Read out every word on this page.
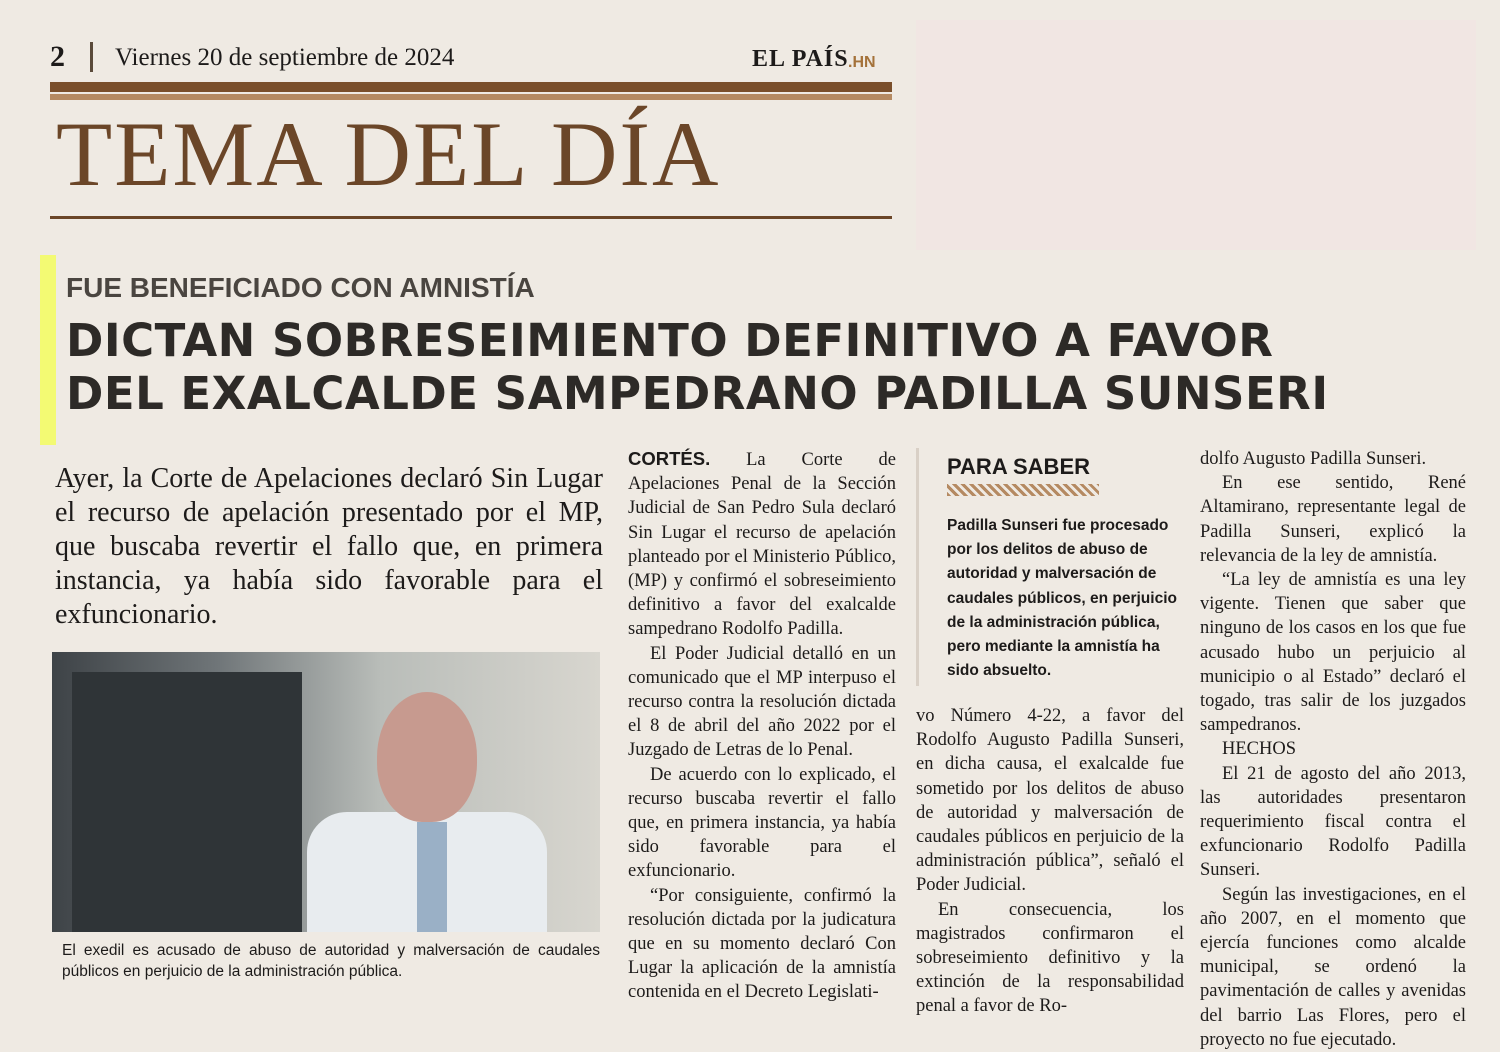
2 Viernes 20 de septiembre de 2024	EL PAÍS .HN
TEMA DEL DÍA
FUE BENEFICIADO CON AMNISTÍA
DICTAN SOBRESEIMIENTO DEFINITIVO A FAVOR
DEL EXALCALDE SAMPEDRANO PADILLA SUNSERI
Ayer, la Corte de Apelaciones declaró Sin Lugar el recurso de apelación presentado por el MP, que buscaba revertir el fallo que, en primera instancia, ya había sido favorable para el exfuncionario.
El exedil es acusado de abuso de autoridad y malversación de caudales públicos en perjuicio de la administración pública.

CORTÉS. La Corte de Apelaciones Penal de la Sección Judicial de San Pedro Sula declaró Sin Lugar el recurso de apelación planteado por el Ministerio Público, (MP) y confirmó el sobreseimiento definitivo a favor del exalcalde sampedrano Rodolfo Padilla.

El Poder Judicial detalló en un comunicado que el MP interpuso el recurso contra la resolución dictada el 8 de abril del año 2022 por el Juzgado de Letras de lo Penal.

De acuerdo con lo explicado, el recurso buscaba revertir el fallo que, en primera instancia, ya había sido favorable para el exfuncionario.

“Por consiguiente, confirmó la resolución dictada por la judicatura que en su momento declaró Con Lugar la aplicación de la amnistía contenida en el Decreto Legislati-

PARA SABER
Padilla Sunseri fue procesado por los delitos de abuso de autoridad y malversación de caudales públicos, en perjuicio de la administración pública, pero mediante la amnistía ha sido absuelto.

vo Número 4-22, a favor del Rodolfo Augusto Padilla Sunseri, en dicha causa, el exalcalde fue sometido por los delitos de abuso de autoridad y malversación de caudales públicos en perjuicio de la administración pública”, señaló el Poder Judicial.

En consecuencia, los magistrados confirmaron el sobreseimiento definitivo y la extinción de la responsabilidad penal a favor de Ro-

dolfo Augusto Padilla Sunseri.

En ese sentido, René Altamirano, representante legal de Padilla Sunseri, explicó la relevancia de la ley de amnistía.

“La ley de amnistía es una ley vigente. Tienen que saber que ninguno de los casos en los que fue acusado hubo un perjuicio al municipio o al Estado” declaró el togado, tras salir de los juzgados sampedranos.

HECHOS

El 21 de agosto del año 2013, las autoridades presentaron requerimiento fiscal contra el exfuncionario Rodolfo Padilla Sunseri.

Según las investigaciones, en el año 2007, en el momento que ejercía funciones como alcalde municipal, se ordenó la pavimentación de calles y avenidas del barrio Las Flores, pero el proyecto no fue ejecutado.
